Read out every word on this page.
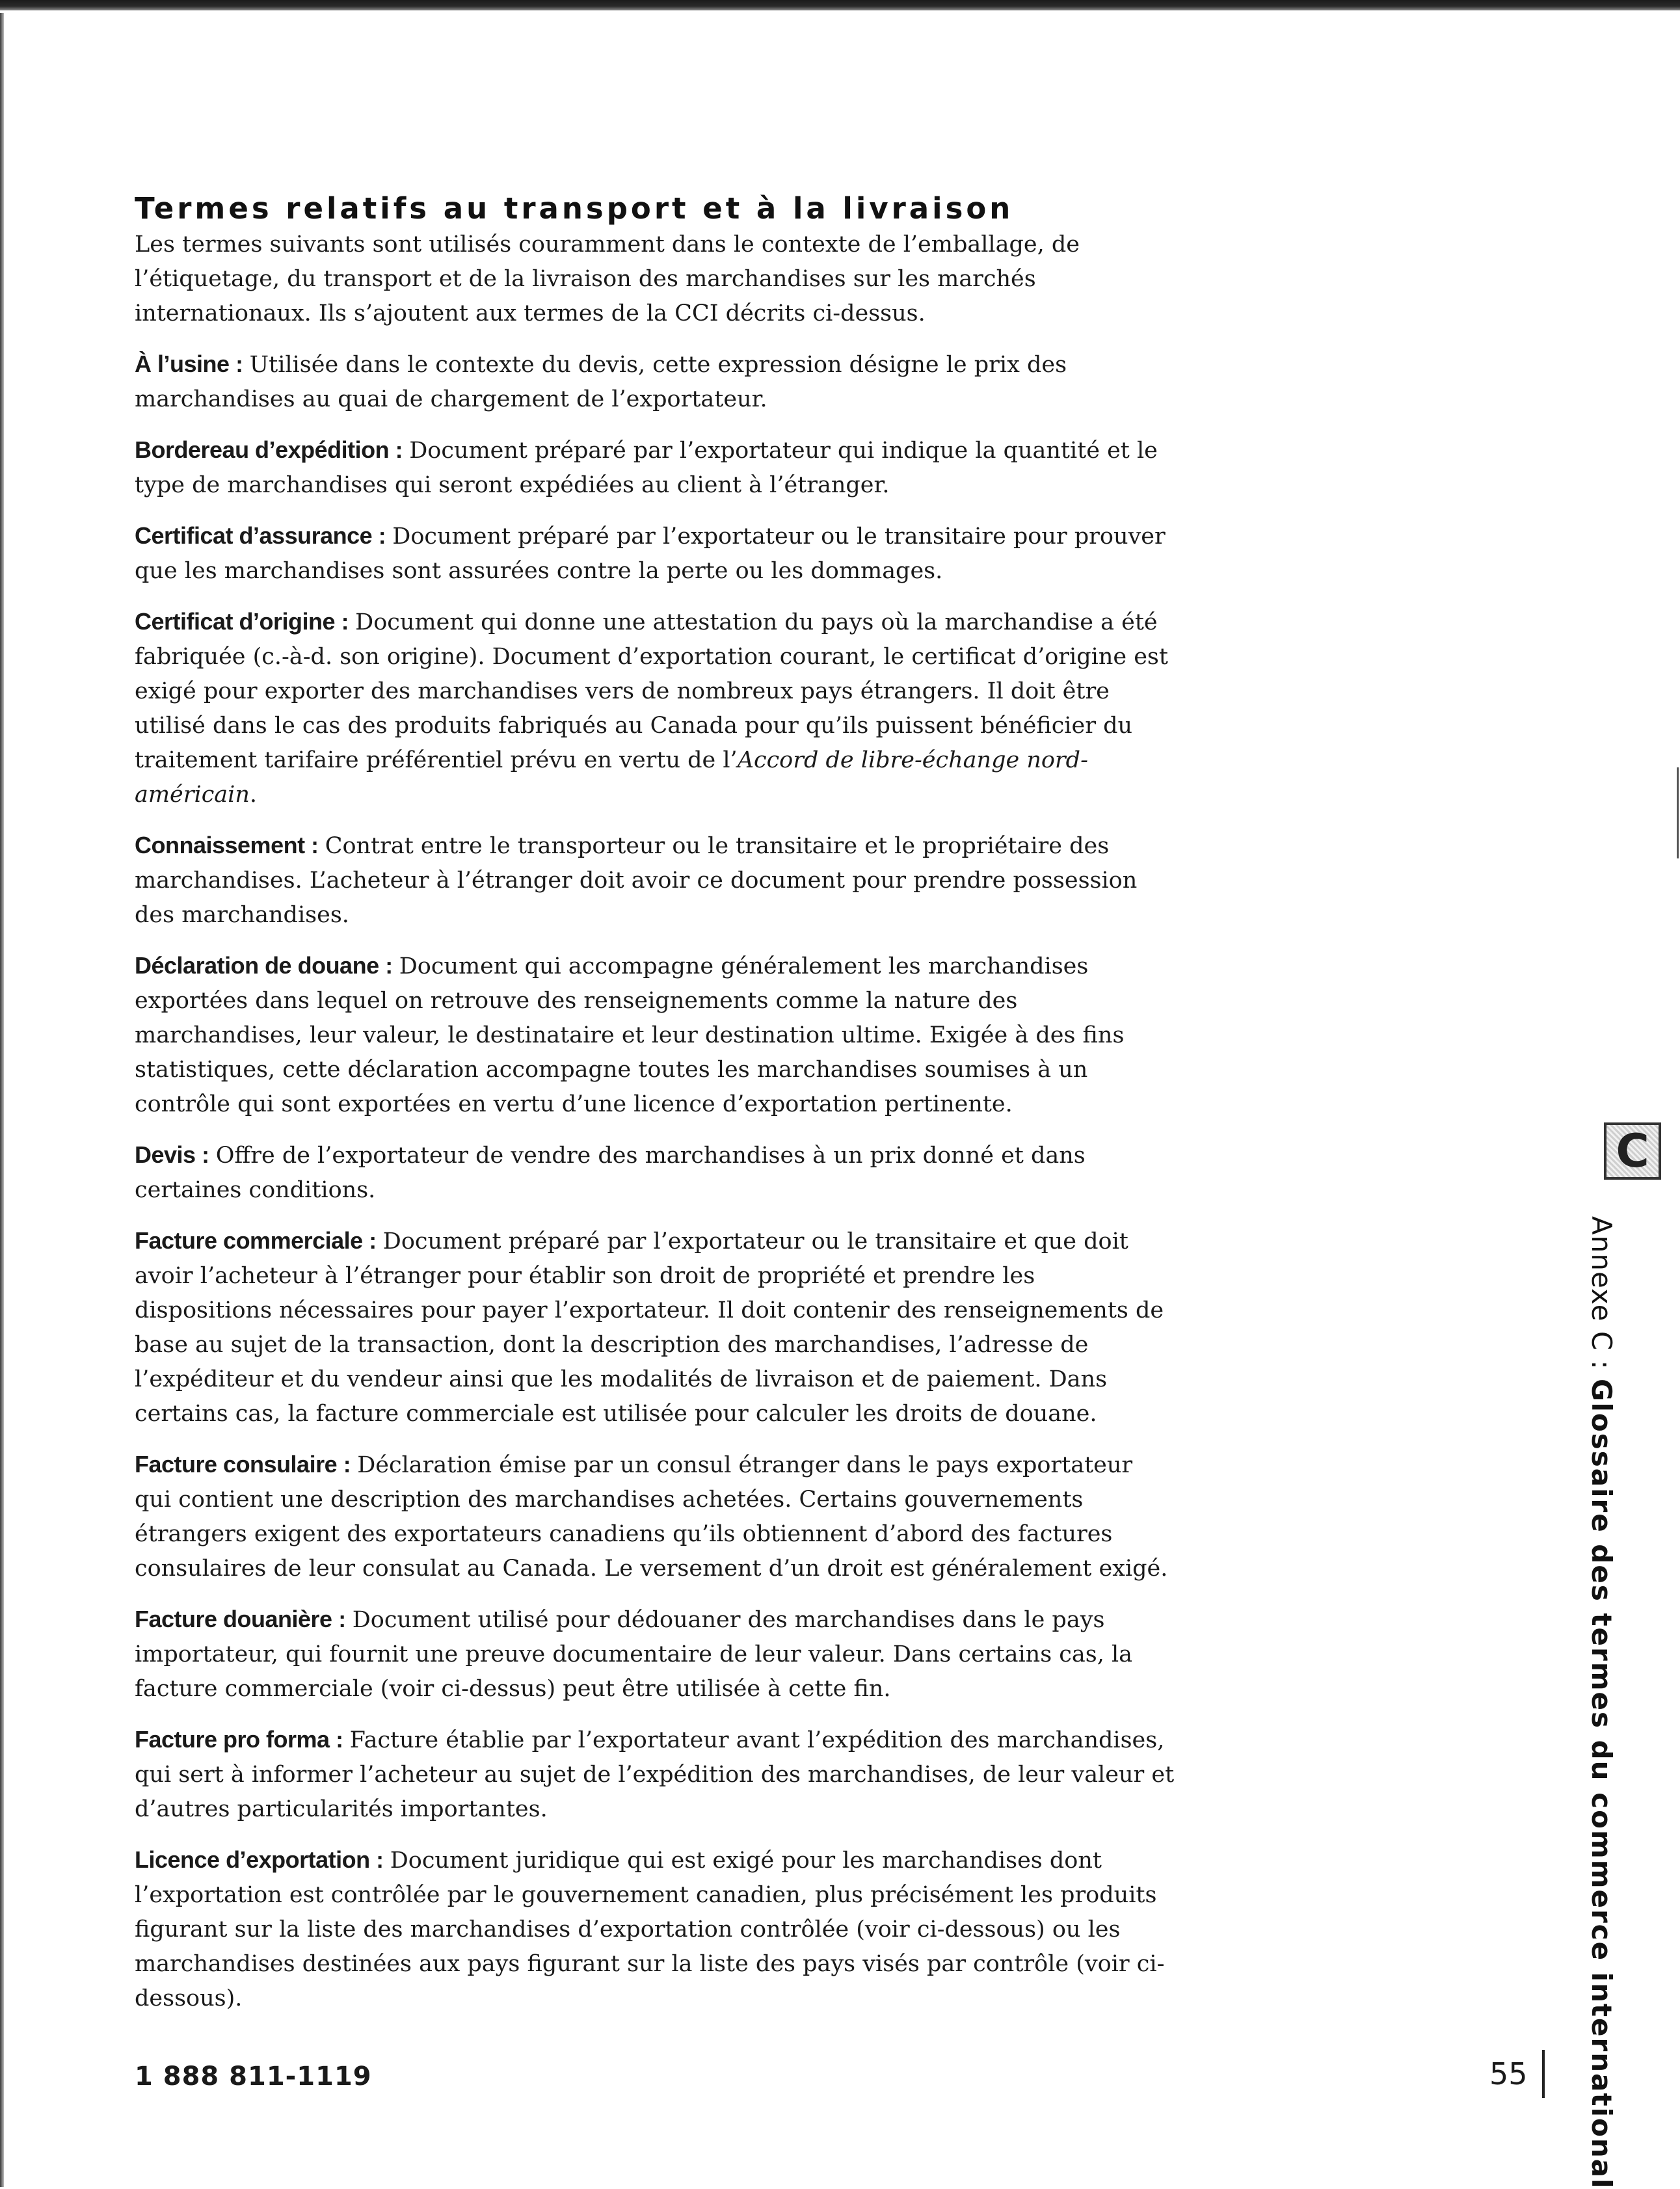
Termes relatifs au transport et à la livraison

Les termes suivants sont utilisés couramment dans le contexte de l’emballage, de l’étiquetage, du transport et de la livraison des marchandises sur les marchés internationaux. Ils s’ajoutent aux termes de la CCI décrits ci-dessus.

À l’usine : Utilisée dans le contexte du devis, cette expression désigne le prix des marchandises au quai de chargement de l’exportateur.

Bordereau d’expédition : Document préparé par l’exportateur qui indique la quantité et le type de marchandises qui seront expédiées au client à l’étranger.

Certificat d’assurance : Document préparé par l’exportateur ou le transitaire pour prouver que les marchandises sont assurées contre la perte ou les dommages.

Certificat d’origine : Document qui donne une attestation du pays où la marchandise a été fabriquée (c.-à-d. son origine). Document d’exportation courant, le certificat d’origine est exigé pour exporter des marchandises vers de nombreux pays étrangers. Il doit être utilisé dans le cas des produits fabriqués au Canada pour qu’ils puissent bénéficier du traitement tarifaire préférentiel prévu en vertu de l’Accord de libre-échange nord-américain.

Connaissement : Contrat entre le transporteur ou le transitaire et le propriétaire des marchandises. L’acheteur à l’étranger doit avoir ce document pour prendre possession des marchandises.

Déclaration de douane : Document qui accompagne généralement les marchandises exportées dans lequel on retrouve des renseignements comme la nature des marchandises, leur valeur, le destinataire et leur destination ultime. Exigée à des fins statistiques, cette déclaration accompagne toutes les marchandises soumises à un contrôle qui sont exportées en vertu d’une licence d’exportation pertinente.

Devis : Offre de l’exportateur de vendre des marchandises à un prix donné et dans certaines conditions.

Facture commerciale : Document préparé par l’exportateur ou le transitaire et que doit avoir l’acheteur à l’étranger pour établir son droit de propriété et prendre les dispositions nécessaires pour payer l’exportateur. Il doit contenir des renseignements de base au sujet de la transaction, dont la description des marchandises, l’adresse de l’expéditeur et du vendeur ainsi que les modalités de livraison et de paiement. Dans certains cas, la facture commerciale est utilisée pour calculer les droits de douane.

Facture consulaire : Déclaration émise par un consul étranger dans le pays exportateur qui contient une description des marchandises achetées. Certains gouvernements étrangers exigent des exportateurs canadiens qu’ils obtiennent d’abord des factures consulaires de leur consulat au Canada. Le versement d’un droit est généralement exigé.

Facture douanière : Document utilisé pour dédouaner des marchandises dans le pays importateur, qui fournit une preuve documentaire de leur valeur. Dans certains cas, la facture commerciale (voir ci-dessus) peut être utilisée à cette fin.

Facture pro forma : Facture établie par l’exportateur avant l’expédition des marchandises, qui sert à informer l’acheteur au sujet de l’expédition des marchandises, de leur valeur et d’autres particularités importantes.

Licence d’exportation : Document juridique qui est exigé pour les marchandises dont l’exportation est contrôlée par le gouvernement canadien, plus précisément les produits figurant sur la liste des marchandises d’exportation contrôlée (voir ci-dessous) ou les marchandises destinées aux pays figurant sur la liste des pays visés par contrôle (voir ci-dessous).

1 888 811-1119	55
C
Annexe C : Glossaire des termes du commerce international
